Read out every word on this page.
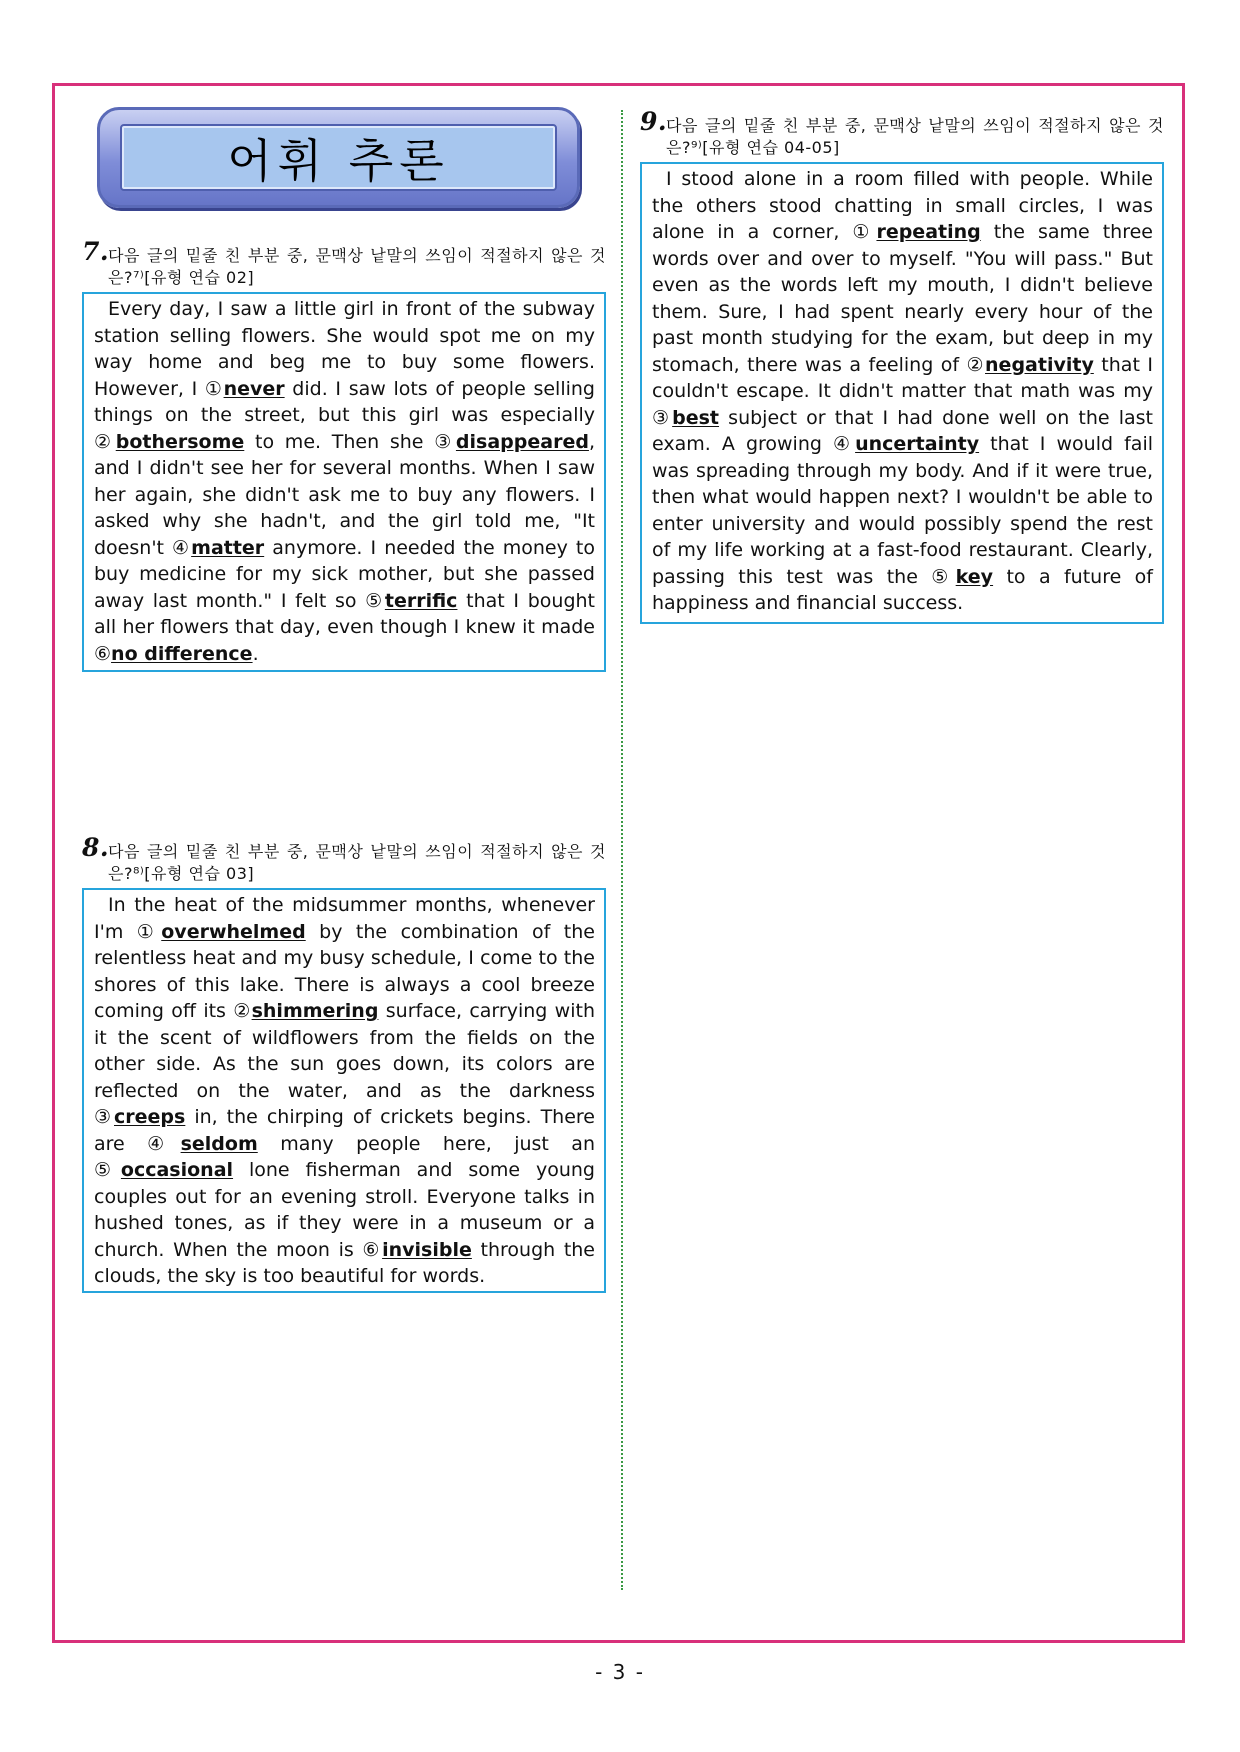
어휘 추론
7.
다음 글의 밑줄 친 부분 중, 문맥상 낱말의 쓰임이 적절하지 않은 것은?⁷⁾[유형 연습 02]
Every day, I saw a little girl in front of the subway station selling flowers. She would spot me on my way home and beg me to buy some flowers. However, I ①never did. I saw lots of people selling things on the street, but this girl was especially ②bothersome to me. Then she ③disappeared, and I didn't see her for several months. When I saw her again, she didn't ask me to buy any flowers. I asked why she hadn't, and the girl told me, "It doesn't ④matter anymore. I needed the money to buy medicine for my sick mother, but she passed away last month." I felt so ⑤terrific that I bought all her flowers that day, even though I knew it made ⑥no difference.
8.
다음 글의 밑줄 친 부분 중, 문맥상 낱말의 쓰임이 적절하지 않은 것은?⁸⁾[유형 연습 03]
In the heat of the midsummer months, whenever I'm ①overwhelmed by the combination of the relentless heat and my busy schedule, I come to the shores of this lake. There is always a cool breeze coming off its ②shimmering surface, carrying with it the scent of wildflowers from the fields on the other side. As the sun goes down, its colors are reflected on the water, and as the darkness ③creeps in, the chirping of crickets begins. There are ④seldom many people here, just an ⑤occasional lone fisherman and some young couples out for an evening stroll. Everyone talks in hushed tones, as if they were in a museum or a church. When the moon is ⑥invisible through the clouds, the sky is too beautiful for words.
9.
다음 글의 밑줄 친 부분 중, 문맥상 낱말의 쓰임이 적절하지 않은 것은?⁹⁾[유형 연습 04-05]
I stood alone in a room filled with people. While the others stood chatting in small circles, I was alone in a corner, ①repeating the same three words over and over to myself. "You will pass." But even as the words left my mouth, I didn't believe them. Sure, I had spent nearly every hour of the past month studying for the exam, but deep in my stomach, there was a feeling of ②negativity that I couldn't escape. It didn't matter that math was my ③best subject or that I had done well on the last exam. A growing ④uncertainty that I would fail was spreading through my body. And if it were true, then what would happen next? I wouldn't be able to enter university and would possibly spend the rest of my life working at a fast-food restaurant. Clearly, passing this test was the ⑤key to a future of happiness and financial success.
- 3 -
